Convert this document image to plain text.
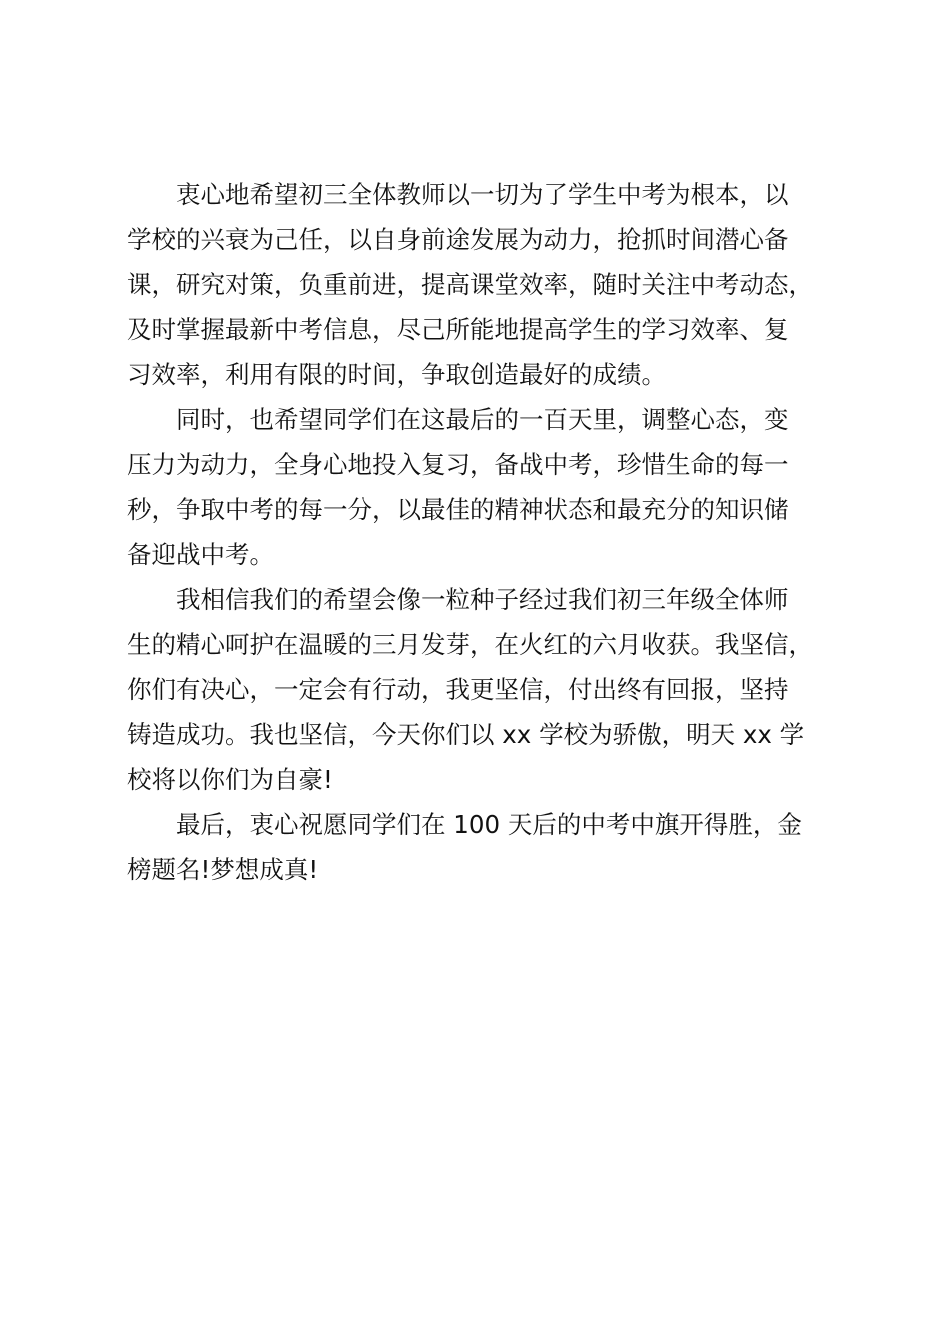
衷心地希望初三全体教师以一切为了学生中考为根本，以
学校的兴衰为己任，以自身前途发展为动力，抢抓时间潜心备
课，研究对策，负重前进，提高课堂效率，随时关注中考动态，
及时掌握最新中考信息，尽己所能地提高学生的学习效率、复
习效率，利用有限的时间，争取创造最好的成绩。
同时，也希望同学们在这最后的一百天里，调整心态，变
压力为动力，全身心地投入复习，备战中考，珍惜生命的每一
秒，争取中考的每一分，以最佳的精神状态和最充分的知识储
备迎战中考。
我相信我们的希望会像一粒种子经过我们初三年级全体师
生的精心呵护在温暖的三月发芽，在火红的六月收获。我坚信，
你们有决心，一定会有行动，我更坚信，付出终有回报，坚持
铸造成功。我也坚信，今天你们以 xx 学校为骄傲，明天 xx 学
校将以你们为自豪!
最后，衷心祝愿同学们在 100 天后的中考中旗开得胜，金
榜题名!梦想成真!
